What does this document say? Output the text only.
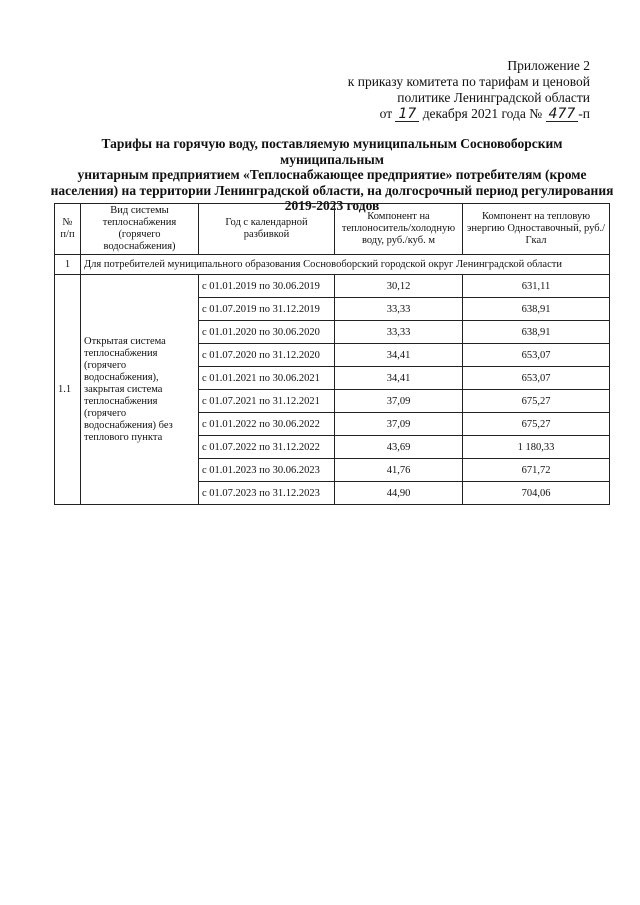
Приложение 2
к приказу комитета по тарифам и ценовой
политике Ленинградской области
от 17 декабря 2021 года № 477 -п
Тарифы на горячую воду, поставляемую муниципальным Сосновоборским муниципальным
унитарным предприятием «Теплоснабжающее предприятие» потребителям (кроме
населения) на территории Ленинградской области, на долгосрочный период регулирования
2019-2023 годов
№ п/п	Вид системы теплоснабжения (горячего водоснабжения)	Год с календарной разбивкой	Компонент на теплоноситель/холодную воду, руб./куб. м	Компонент на тепловую энергию Одноставочный, руб./Гкал
1	Для потребителей муниципального образования Сосновоборский городской округ Ленинградской области			
1.1	Открытая система теплоснабжения (горячего водоснабжения), закрытая система теплоснабжения (горячего водоснабжения) без теплового пункта	с 01.01.2019 по 30.06.2019	30,12	631,11
		с 01.07.2019 по 31.12.2019	33,33	638,91
		с 01.01.2020 по 30.06.2020	33,33	638,91
		с 01.07.2020 по 31.12.2020	34,41	653,07
		с 01.01.2021 по 30.06.2021	34,41	653,07
		с 01.07.2021 по 31.12.2021	37,09	675,27
		с 01.01.2022 по 30.06.2022	37,09	675,27
		с 01.07.2022 по 31.12.2022	43,69	1 180,33
		с 01.01.2023 по 30.06.2023	41,76	671,72
		с 01.07.2023 по 31.12.2023	44,90	704,06
